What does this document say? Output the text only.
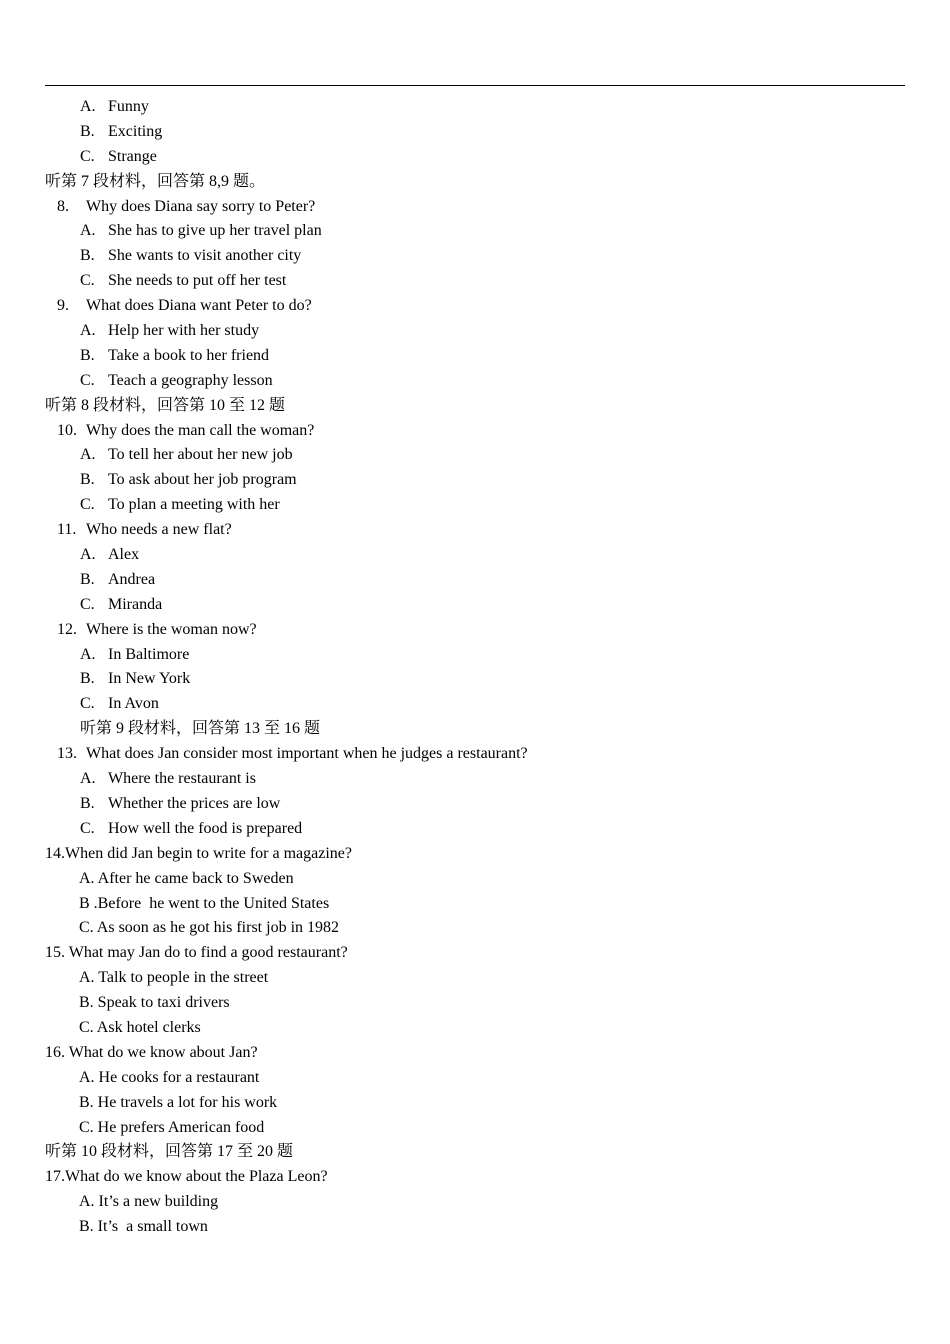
A. Funny
B. Exciting
C. Strange
听第 7 段材料，回答第 8,9 题。
8. Why does Diana say sorry to Peter?
A. She has to give up her travel plan
B. She wants to visit another city
C. She needs to put off her test
9. What does Diana want Peter to do?
A. Help her with her study
B. Take a book to her friend
C. Teach a geography lesson
听第 8 段材料，回答第 10 至 12 题
10. Why does the man call the woman?
A. To tell her about her new job
B. To ask about her job program
C. To plan a meeting with her
11. Who needs a new flat?
A. Alex
B. Andrea
C. Miranda
12. Where is the woman now?
A. In Baltimore
B. In New York
C. In Avon
听第 9 段材料，回答第 13 至 16 题
13. What does Jan consider most important when he judges a restaurant?
A. Where the restaurant is
B. Whether the prices are low
C. How well the food is prepared
14.When did Jan begin to write for a magazine?
A. After he came back to Sweden
B .Before  he went to the United States
C. As soon as he got his first job in 1982
15. What may Jan do to find a good restaurant?
A. Talk to people in the street
B. Speak to taxi drivers
C. Ask hotel clerks
16. What do we know about Jan?
A. He cooks for a restaurant
B. He travels a lot for his work
C. He prefers American food
听第 10 段材料，回答第 17 至 20 题
17.What do we know about the Plaza Leon?
A. It’s a new building
B. It’s  a small town
